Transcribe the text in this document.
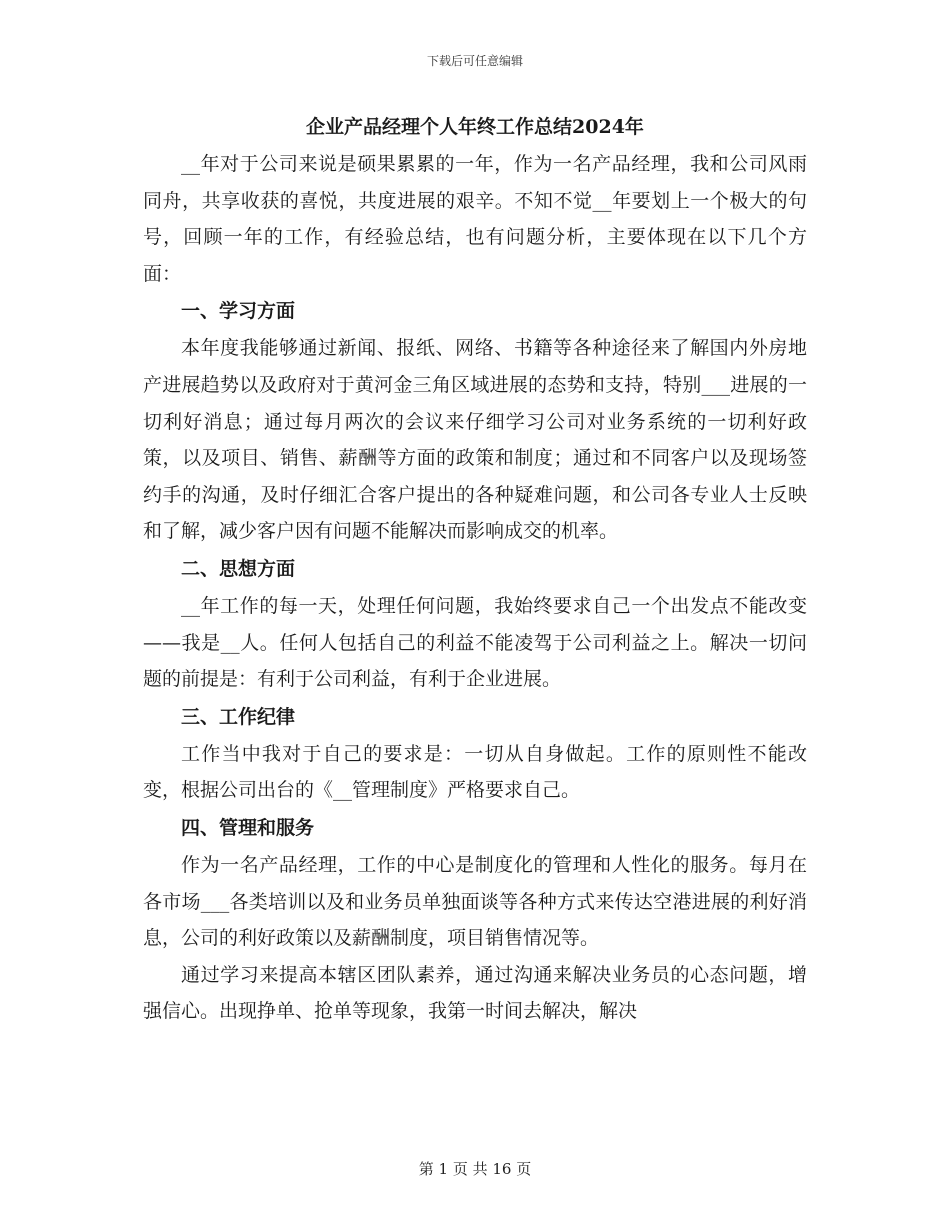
下载后可任意编辑
企业产品经理个人年终工作总结2024年

__年对于公司来说是硕果累累的一年，作为一名产品经理，我和公司风雨同舟，共享收获的喜悦，共度进展的艰辛。不知不觉__年要划上一个极大的句号，回顾一年的工作，有经验总结，也有问题分析，主要体现在以下几个方面：

一、学习方面

本年度我能够通过新闻、报纸、网络、书籍等各种途径来了解国内外房地产进展趋势以及政府对于黄河金三角区域进展的态势和支持，特别___进展的一切利好消息；通过每月两次的会议来仔细学习公司对业务系统的一切利好政策，以及项目、销售、薪酬等方面的政策和制度；通过和不同客户以及现场签约手的沟通，及时仔细汇合客户提出的各种疑难问题，和公司各专业人士反映和了解，减少客户因有问题不能解决而影响成交的机率。

二、思想方面

__年工作的每一天，处理任何问题，我始终要求自己一个出发点不能改变——我是__人。任何人包括自己的利益不能凌驾于公司利益之上。解决一切问题的前提是：有利于公司利益，有利于企业进展。

三、工作纪律

工作当中我对于自己的要求是：一切从自身做起。工作的原则性不能改变，根据公司出台的《__管理制度》严格要求自己。

四、管理和服务

作为一名产品经理，工作的中心是制度化的管理和人性化的服务。每月在各市场___各类培训以及和业务员单独面谈等各种方式来传达空港进展的利好消息，公司的利好政策以及薪酬制度，项目销售情况等。

通过学习来提高本辖区团队素养，通过沟通来解决业务员的心态问题，增强信心。出现挣单、抢单等现象，我第一时间去解决，解决

第 1 页 共 16 页
